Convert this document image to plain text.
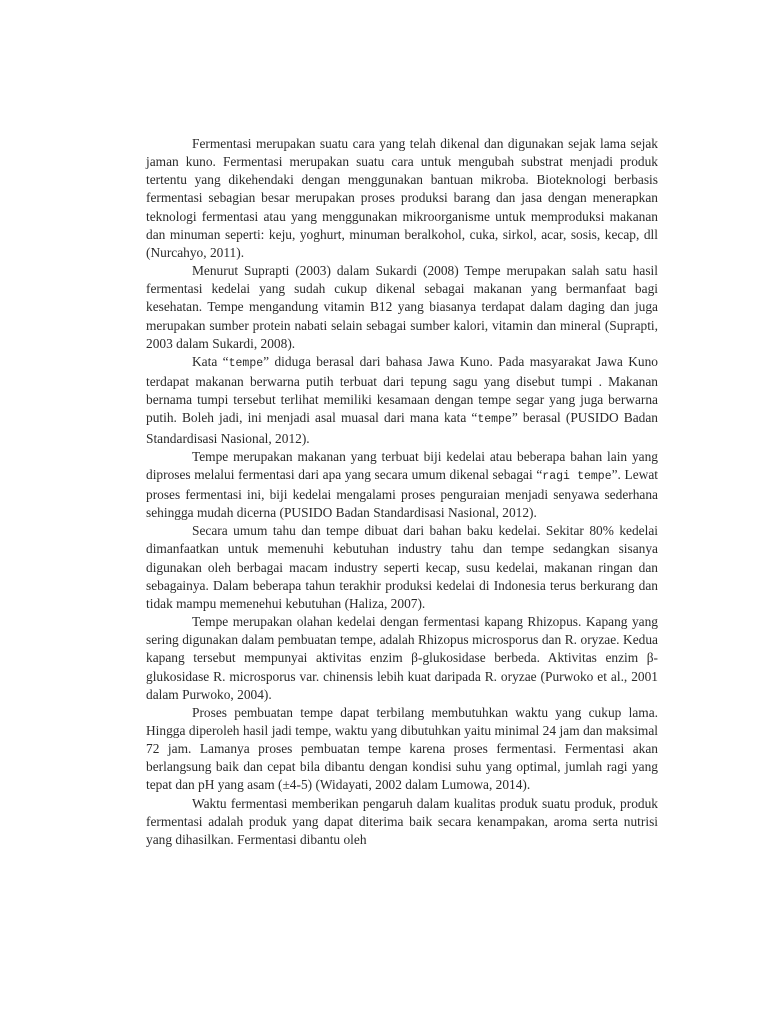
Fermentasi merupakan suatu cara yang telah dikenal dan digunakan sejak lama sejak jaman kuno. Fermentasi merupakan suatu cara untuk mengubah substrat menjadi produk tertentu yang dikehendaki dengan menggunakan bantuan mikroba. Bioteknologi berbasis fermentasi sebagian besar merupakan proses produksi barang dan jasa dengan menerapkan teknologi fermentasi atau yang menggunakan mikroorganisme untuk memproduksi makanan dan minuman seperti: keju, yoghurt, minuman beralkohol, cuka, sirkol, acar, sosis, kecap, dll (Nurcahyo, 2011).

Menurut Suprapti (2003) dalam Sukardi (2008) Tempe merupakan salah satu hasil fermentasi kedelai yang sudah cukup dikenal sebagai makanan yang bermanfaat bagi kesehatan. Tempe mengandung vitamin B12 yang biasanya terdapat dalam daging dan juga merupakan sumber protein nabati selain sebagai sumber kalori, vitamin dan mineral (Suprapti, 2003 dalam Sukardi, 2008).

Kata “tempe” diduga berasal dari bahasa Jawa Kuno. Pada masyarakat Jawa Kuno terdapat makanan berwarna putih terbuat dari tepung sagu yang disebut tumpi . Makanan bernama tumpi tersebut terlihat memiliki kesamaan dengan tempe segar yang juga berwarna putih. Boleh jadi, ini menjadi asal muasal dari mana kata “tempe” berasal (PUSIDO Badan Standardisasi Nasional, 2012).

Tempe merupakan makanan yang terbuat biji kedelai atau beberapa bahan lain yang diproses melalui fermentasi dari apa yang secara umum dikenal sebagai “ragi tempe”. Lewat proses fermentasi ini, biji kedelai mengalami proses penguraian menjadi senyawa sederhana sehingga mudah dicerna (PUSIDO Badan Standardisasi Nasional, 2012).

Secara umum tahu dan tempe dibuat dari bahan baku kedelai. Sekitar 80% kedelai dimanfaatkan untuk memenuhi kebutuhan industry tahu dan tempe sedangkan sisanya digunakan oleh berbagai macam industry seperti kecap, susu kedelai, makanan ringan dan sebagainya. Dalam beberapa tahun terakhir produksi kedelai di Indonesia terus berkurang dan tidak mampu memenehui kebutuhan (Haliza, 2007).

Tempe merupakan olahan kedelai dengan fermentasi kapang Rhizopus. Kapang yang sering digunakan dalam pembuatan tempe, adalah Rhizopus microsporus dan R. oryzae. Kedua kapang tersebut mempunyai aktivitas enzim β-glukosidase berbeda. Aktivitas enzim β-glukosidase R. microsporus var. chinensis lebih kuat daripada R. oryzae (Purwoko et al., 2001 dalam Purwoko, 2004).

Proses pembuatan tempe dapat terbilang membutuhkan waktu yang cukup lama. Hingga diperoleh hasil jadi tempe, waktu yang dibutuhkan yaitu minimal 24 jam dan maksimal 72 jam. Lamanya proses pembuatan tempe karena proses fermentasi. Fermentasi akan berlangsung baik dan cepat bila dibantu dengan kondisi suhu yang optimal, jumlah ragi yang tepat dan pH yang asam (±4-5) (Widayati, 2002 dalam Lumowa, 2014).

Waktu fermentasi memberikan pengaruh dalam kualitas produk suatu produk, produk fermentasi adalah produk yang dapat diterima baik secara kenampakan, aroma serta nutrisi yang dihasilkan. Fermentasi dibantu oleh
